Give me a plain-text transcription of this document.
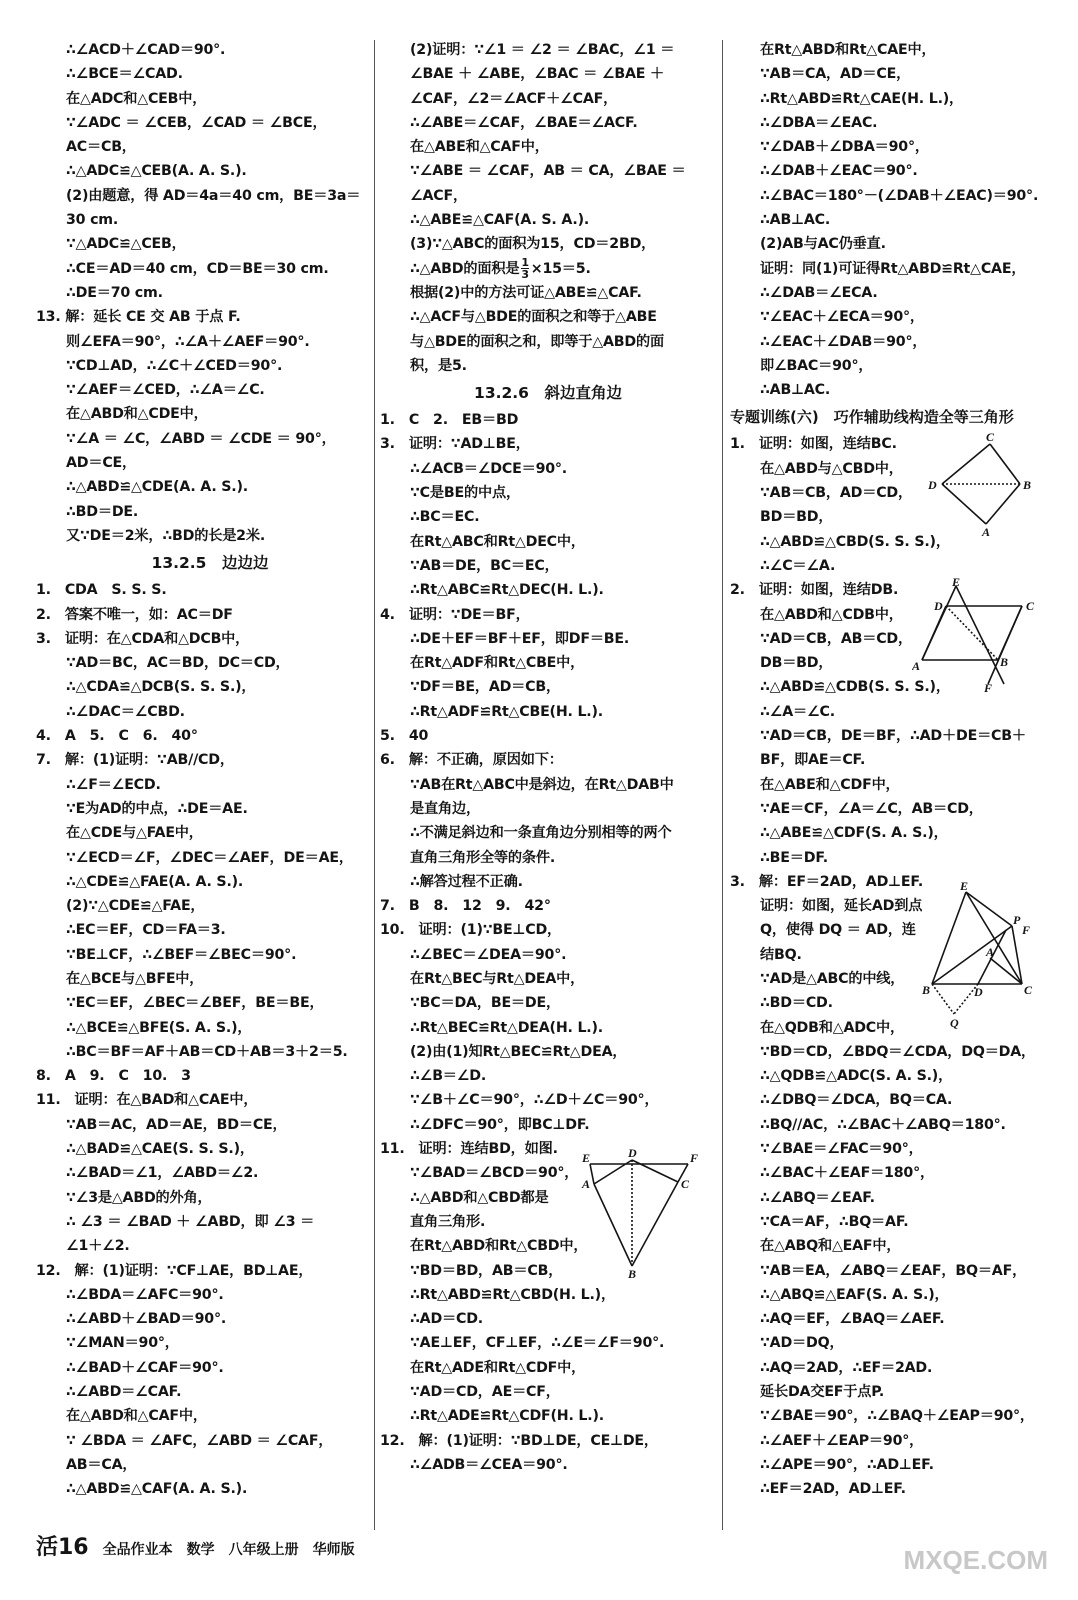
∴∠ACD＋∠CAD＝90°.
∴∠BCE＝∠CAD.
在△ADC和△CEB中，
∵∠ADC ＝ ∠CEB，∠CAD ＝ ∠BCE，
AC＝CB，
∴△ADC≌△CEB(A. A. S.).
(2)由题意，得 AD＝4a＝40 cm，BE＝3a＝
30 cm.
∵△ADC≌△CEB，
∴CE＝AD＝40 cm，CD＝BE＝30 cm.
∴DE＝70 cm.
13. 解：延长 CE 交 AB 于点 F.
则∠EFA＝90°，∴∠A＋∠AEF＝90°.
∵CD⊥AD，∴∠C＋∠CED＝90°.
∵∠AEF＝∠CED，∴∠A＝∠C.
在△ABD和△CDE中，
∵∠A ＝ ∠C，∠ABD ＝ ∠CDE ＝ 90°，
AD＝CE，
∴△ABD≌△CDE(A. A. S.).
∴BD＝DE.
又∵DE＝2米，∴BD的长是2米.
13.2.5　边边边
1.　CDA　S. S. S.
2.　答案不唯一，如：AC＝DF
3.　证明：在△CDA和△DCB中，
∵AD＝BC，AC＝BD，DC＝CD，
∴△CDA≌△DCB(S. S. S.)，
∴∠DAC＝∠CBD.
4.　A　5.　C　6.　40°
7.　解：(1)证明：∵AB//CD，
∴∠F＝∠ECD.
∵E为AD的中点，∴DE＝AE.
在△CDE与△FAE中，
∵∠ECD＝∠F，∠DEC＝∠AEF，DE＝AE，
∴△CDE≌△FAE(A. A. S.).
(2)∵△CDE≌△FAE，
∴EC＝EF，CD＝FA＝3.
∵BE⊥CF，∴∠BEF＝∠BEC＝90°.
在△BCE与△BFE中，
∵EC＝EF，∠BEC＝∠BEF，BE＝BE，
∴△BCE≌△BFE(S. A. S.)，
∴BC＝BF＝AF＋AB＝CD＋AB＝3＋2＝5.
8.　A　9.　C　10.　3
11.　证明：在△BAD和△CAE中，
∵AB＝AC，AD＝AE，BD＝CE，
∴△BAD≌△CAE(S. S. S.)，
∴∠BAD＝∠1，∠ABD＝∠2.
∵∠3是△ABD的外角，
∴ ∠3 ＝ ∠BAD ＋ ∠ABD，即 ∠3 ＝
∠1＋∠2.
12.　解：(1)证明：∵CF⊥AE，BD⊥AE，
∴∠BDA＝∠AFC＝90°.
∴∠ABD＋∠BAD＝90°.
∵∠MAN＝90°，
∴∠BAD＋∠CAF＝90°.
∴∠ABD＝∠CAF.
在△ABD和△CAF中，
∵ ∠BDA ＝ ∠AFC，∠ABD ＝ ∠CAF，
AB＝CA，
∴△ABD≌△CAF(A. A. S.).
(2)证明：∵∠1 ＝ ∠2 ＝ ∠BAC，∠1 ＝
∠BAE ＋ ∠ABE，∠BAC ＝ ∠BAE ＋
∠CAF，∠2＝∠ACF＋∠CAF，
∴∠ABE＝∠CAF，∠BAE＝∠ACF.
在△ABE和△CAF中，
∵∠ABE ＝ ∠CAF，AB ＝ CA，∠BAE ＝
∠ACF，
∴△ABE≌△CAF(A. S. A.).
(3)∵△ABC的面积为15，CD＝2BD，
∴△ABD的面积是 $\frac{1}{3} \times 15=5$.
根据(2)中的方法可证△ABE≌△CAF.
∴△ACF与△BDE的面积之和等于△ABE
与△BDE的面积之和，即等于△ABD的面
积，是5.
13.2.6　斜边直角边
1.　C　2.　EB＝BD
3.　证明：∵AD⊥BE，
∴∠ACB＝∠DCE＝90°.
∵C是BE的中点，
∴BC＝EC.
在Rt△ABC和Rt△DEC中，
∵AB＝DE，BC＝EC，
∴Rt△ABC≌Rt△DEC(H. L.).
4.　证明：∵DE＝BF，
∴DE＋EF＝BF＋EF，即DF＝BE.
在Rt△ADF和Rt△CBE中，
∵DF＝BE，AD＝CB，
∴Rt△ADF≌Rt△CBE(H. L.).
5.　40
6.　解：不正确，原因如下：
∵AB在Rt△ABC中是斜边，在Rt△DAB中
是直角边，
∴不满足斜边和一条直角边分别相等的两个
直角三角形全等的条件.
∴解答过程不正确.
7.　B　8.　12　9.　42°
10.　证明：(1)∵BE⊥CD，
∴∠BEC＝∠DEA＝90°.
在Rt△BEC与Rt△DEA中，
∵BC＝DA，BE＝DE，
∴Rt△BEC≌Rt△DEA(H. L.).
(2)由(1)知Rt△BEC≌Rt△DEA，
∴∠B＝∠D.
∵∠B＋∠C＝90°，∴∠D＋∠C＝90°，
∴∠DFC＝90°，即BC⊥DF.
11.　证明：连结BD，如图.
∵∠BAD＝∠BCD＝90°，
∴△ABD和△CBD都是
直角三角形.
在Rt△ABD和Rt△CBD中，
∵BD＝BD，AB＝CB，
∴Rt△ABD≌Rt△CBD(H. L.)，
∴AD＝CD.
∵AE⊥EF，CF⊥EF，∴∠E＝∠F＝90°.
在Rt△ADE和Rt△CDF中，
∵AD＝CD，AE＝CF，
∴Rt△ADE≌Rt△CDF(H. L.).
12.　解：(1)证明：∵BD⊥DE，CE⊥DE，
∴∠ADB＝∠CEA＝90°.
在Rt△ABD和Rt△CAE中，
∵AB＝CA，AD＝CE，
∴Rt△ABD≌Rt△CAE(H. L.)，
∴∠DBA＝∠EAC.
∵∠DAB＋∠DBA＝90°，
∴∠DAB＋∠EAC＝90°.
∴∠BAC＝180°－(∠DAB＋∠EAC)＝90°.
∴AB⊥AC.
(2)AB与AC仍垂直.
证明：同(1)可证得Rt△ABD≌Rt△CAE，
∴∠DAB＝∠ECA.
∵∠EAC＋∠ECA＝90°，
∴∠EAC＋∠DAB＝90°，
即∠BAC＝90°，
∴AB⊥AC.
专题训练(六)　巧作辅助线构造全等三角形
1.　证明：如图，连结BC.
在△ABD与△CBD中，
∵AB＝CB，AD＝CD，
BD＝BD，
∴△ABD≌△CBD(S. S. S.)，
∴∠C＝∠A.
2.　证明：如图，连结DB.
在△ABD和△CDB中，
∵AD＝CB，AB＝CD，
DB＝BD，
∴△ABD≌△CDB(S. S. S.)，
∴∠A＝∠C.
∵AD＝CB，DE＝BF，∴AD＋DE＝CB＋
BF，即AE＝CF.
在△ABE和△CDF中，
∵AE＝CF，∠A＝∠C，AB＝CD，
∴△ABE≌△CDF(S. A. S.)，
∴BE＝DF.
3.　解：EF＝2AD，AD⊥EF.
证明：如图，延长AD到点
Q，使得 DQ ＝ AD，连
结BQ.
∵AD是△ABC的中线，
∴BD＝CD.
在△QDB和△ADC中，
∵BD＝CD，∠BDQ＝∠CDA，DQ＝DA，
∴△QDB≌△ADC(S. A. S.)，
∴∠DBQ＝∠DCA，BQ＝CA.
∴BQ//AC，∴∠BAC＋∠ABQ＝180°.
∵∠BAE＝∠FAC＝90°，
∴∠BAC＋∠EAF＝180°，
∴∠ABQ＝∠EAF.
∵CA＝AF，∴BQ＝AF.
在△ABQ和△EAF中，
∵AB＝EA，∠ABQ＝∠EAF，BQ＝AF，
∴△ABQ≌△EAF(S. A. S.)，
∴AQ＝EF，∠BAQ＝∠AEF.
∵AD＝DQ，
∴AQ＝2AD，∴EF＝2AD.
延长DA交EF于点P.
∵∠BAE＝90°，∴∠BAQ＋∠EAP＝90°，
∴∠AEF＋∠EAP＝90°，
∴∠APE＝90°，∴AD⊥EF.
∴EF＝2AD，AD⊥EF.
E	D	F
A	C
B
C
D	B
A
E
D	C
A	B
F
E
P
F
A
B	D	C
Q
活16 全品作业本 数学 八年级上册 华师版	MXQE.COM
